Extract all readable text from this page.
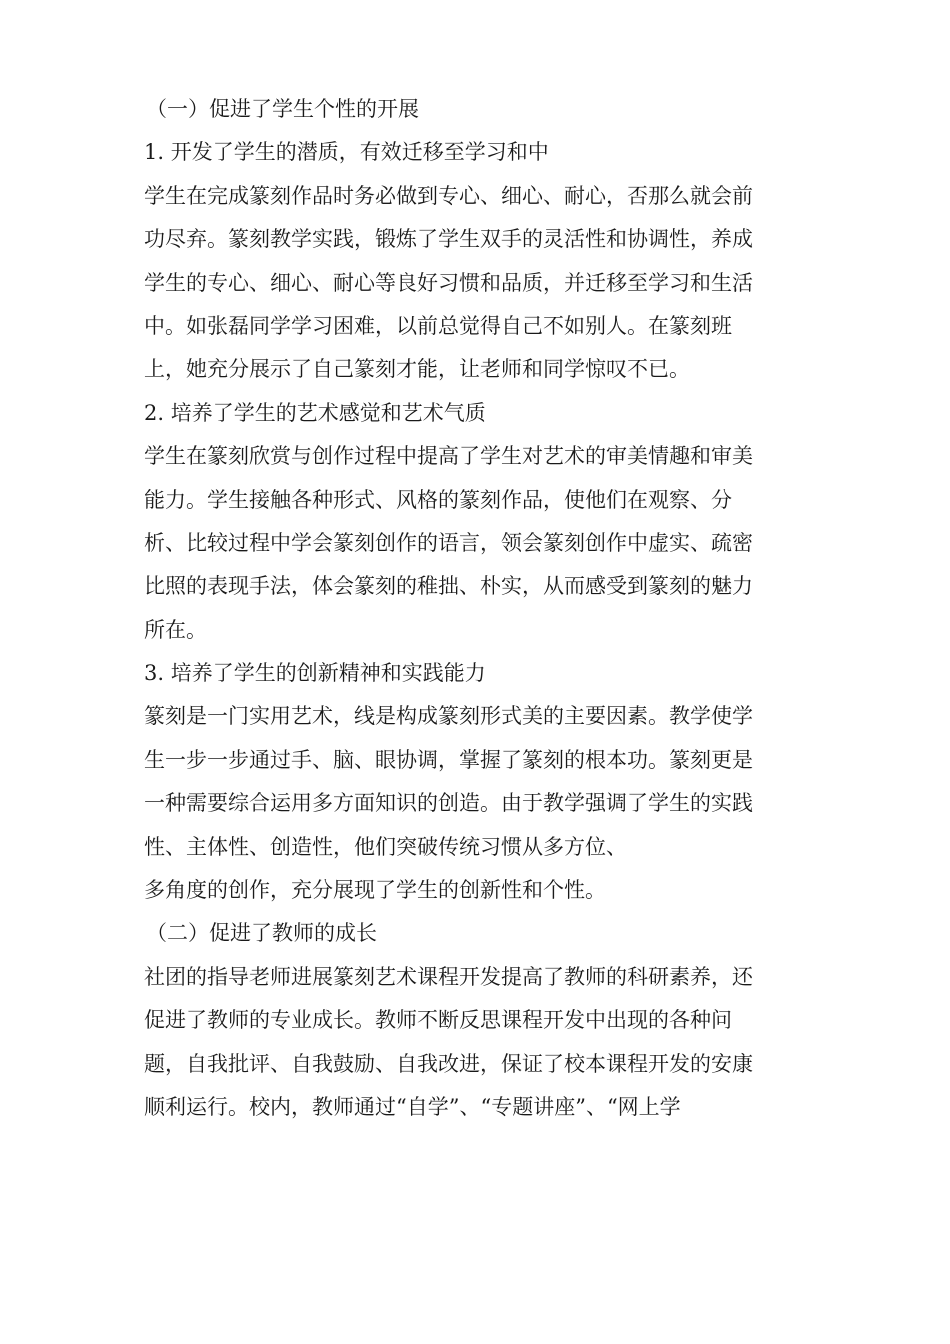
（一）促进了学生个性的开展
1. 开发了学生的潜质，有效迁移至学习和中
学生在完成篆刻作品时务必做到专心、细心、耐心，否那么就会前
功尽弃。篆刻教学实践，锻炼了学生双手的灵活性和协调性，养成
学生的专心、细心、耐心等良好习惯和品质，并迁移至学习和生活
中。如张磊同学学习困难，以前总觉得自己不如别人。在篆刻班
上，她充分展示了自己篆刻才能，让老师和同学惊叹不已。
2. 培养了学生的艺术感觉和艺术气质
学生在篆刻欣赏与创作过程中提高了学生对艺术的审美情趣和审美
能力。学生接触各种形式、风格的篆刻作品，使他们在观察、分
析、比较过程中学会篆刻创作的语言，领会篆刻创作中虚实、疏密
比照的表现手法，体会篆刻的稚拙、朴实，从而感受到篆刻的魅力
所在。
3. 培养了学生的创新精神和实践能力
篆刻是一门实用艺术，线是构成篆刻形式美的主要因素。教学使学
生一步一步通过手、脑、眼协调，掌握了篆刻的根本功。篆刻更是
一种需要综合运用多方面知识的创造。由于教学强调了学生的实践
性、主体性、创造性，他们突破传统习惯从多方位、
多角度的创作，充分展现了学生的创新性和个性。
（二）促进了教师的成长
社团的指导老师进展篆刻艺术课程开发提高了教师的科研素养，还
促进了教师的专业成长。教师不断反思课程开发中出现的各种问
题，自我批评、自我鼓励、自我改进，保证了校本课程开发的安康
顺利运行。校内，教师通过“自学”、“专题讲座”、“网上学
